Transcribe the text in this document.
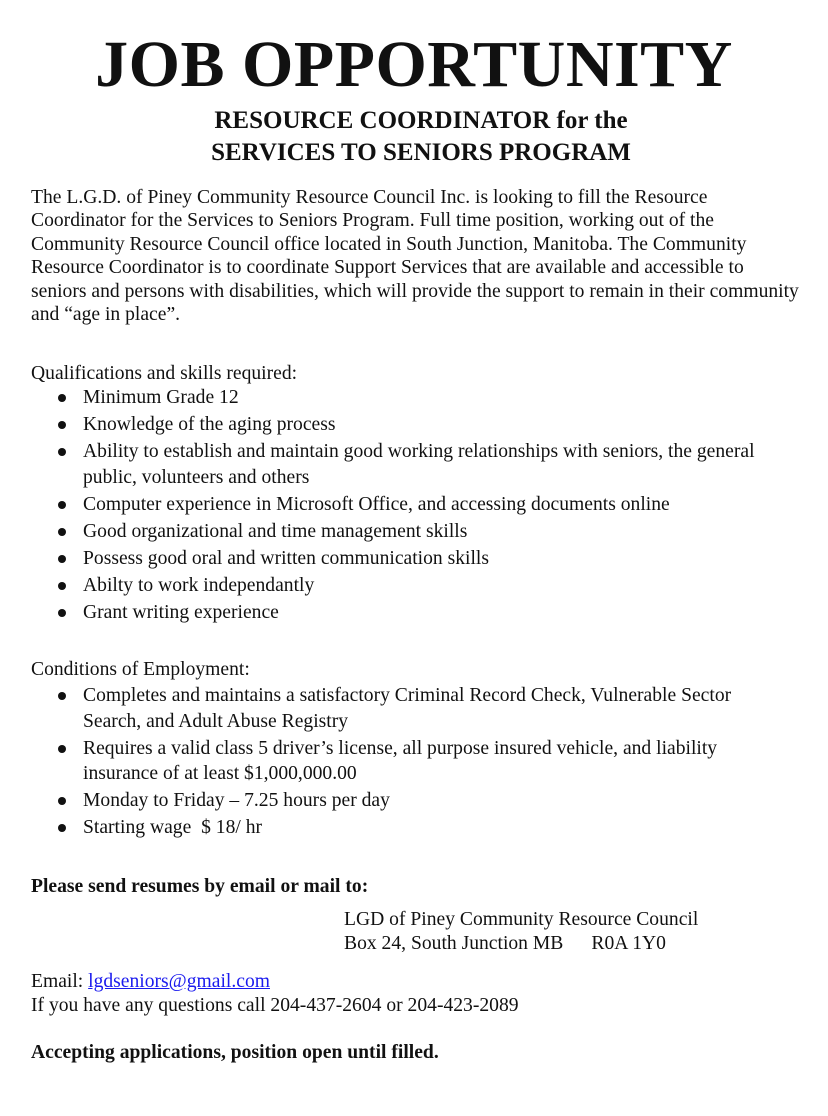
JOB OPPORTUNITY
RESOURCE COORDINATOR for the
SERVICES TO SENIORS PROGRAM

The L.G.D. of Piney Community Resource Council Inc. is looking to fill the Resource Coordinator for the Services to Seniors Program. Full time position, working out of the Community Resource Council office located in South Junction, Manitoba. The Community Resource Coordinator is to coordinate Support Services that are available and accessible to seniors and persons with disabilities, which will provide the support to remain in their community and “age in place”.

Qualifications and skills required:

Minimum Grade 12
Knowledge of the aging process
Ability to establish and maintain good working relationships with seniors, the general public, volunteers and others
Computer experience in Microsoft Office, and accessing documents online
Good organizational and time management skills
Possess good oral and written communication skills
Abilty to work independantly
Grant writing experience

Conditions of Employment:

Completes and maintains a satisfactory Criminal Record Check, Vulnerable Sector Search, and Adult Abuse Registry
Requires a valid class 5 driver’s license, all purpose insured vehicle, and liability insurance of at least $1,000,000.00
Monday to Friday – 7.25 hours per day
Starting wage  $ 18/ hr

Please send resumes by email or mail to:

LGD of Piney Community Resource Council
Box 24, South Junction MB R0A 1Y0
Email: lgdseniors@gmail.com
If you have any questions call 204-437-2604 or 204-423-2089

Accepting applications, position open until filled.
